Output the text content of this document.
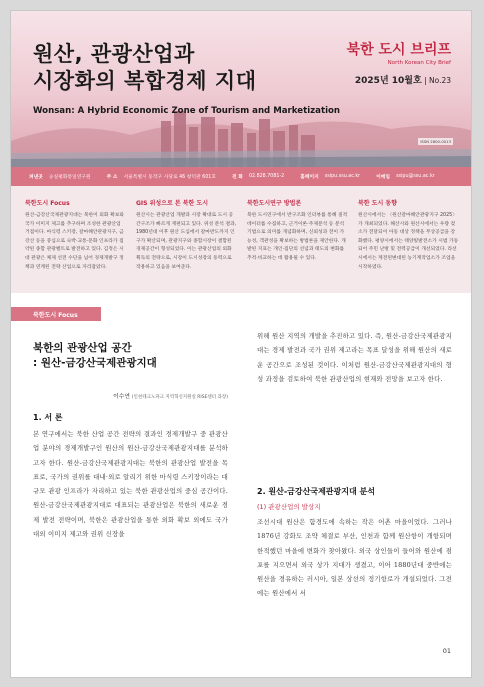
원산, 관광산업과
시장화의 복합경제 지대
Wonsan: A Hybrid Economic Zone of Tourism and Marketization
북한 도시 브리프
North Korean City Brief
2025년 10월호 | No.23
ISSN 2800-0013
펴낸곳 숭실평화통일연구원	주 소 서울특별시 동작구 사당로 46 창덕관 601호	전 화 02.828.7081-2	홈페이지 ssipu.ssu.ac.kr	이메일 ssipu@ssu.ac.kr
북한도시 Focus
원산-금강산국제관광지대는 북한이 외화 확보와 국가 이미지 제고를 추구하며 조성한 관광산업 거점이다. 마식령 스키장, 갈마해안관광지구, 금강산 등을 중심으로 숙박·교통·문화 인프라가 집약된 종합 관광벨트로 발전하고 있다. 김정은 시대 관광은 체제 선전 수단을 넘어 경제개발구 정책과 연계된 전략 산업으로 자리잡았다.
GIS 위성으로 본 북한 도시
원산시는 관광산업 개발과 시장 확대로 도시 공간구조가 빠르게 재편되고 있다. 위성 분석 결과, 1980년대 이후 원산 도심에서 갈마반도까지 인구가 확산되며, 관광지구와 종합시장이 결합된 경제공간이 형성되었다. 이는 관광산업의 외화 획득의 전략으로, 시장이 도시성장의 동력으로 작용하고 있음을 보여준다.
북한도시연구 방법론
북한 도시연구에서 반구조화 인터뷰를 통해 질적 데이터를 수집하고, 근거이론·주제분석 등 분석기법으로 의미를 개념화하며, 신뢰성과 전이 가능성, 객관성을 확보하는 방법론을 제안한다. 개발된 지표는 개인·집단의 선념과 태도의 변화를 추적·비교하는 데 활용될 수 있다.
북한 도시 동향
원산시에서는 〈원산갈마해안관광지구 2025〉가 개최되었다. 해산시와 원산시에서는 우량 젖소가 전달되어 아동 대상 정책을 무상공급을 강화했다. 평양시에서는 태양빛발전소가 시범 가동되어 주민 난방 및 전력공급이 개선되었다. 라선시에서는 계전된변대된 농기계작업소가 조업을 시작하였다.
북한도시 Focus
북한의 관광산업 공간
: 원산-금강산국제관광지대
이수연 (인천테크노파크 지역혁신지원실 RISE센터 과장)
1. 서 론
본 연구에서는 북한 산업 공간 전략의 결과인 경제개발구 중 관광산업 분야의 경제개발구인 원산의 원산-금강산국제관광지대를 분석하고자 한다. 원산-금강산국제관광지대는 북한의 관광산업 발전을 목표로, 국가의 권위를 대내·외로 알리기 위한 마식령 스키장이라는 대규모 관광 인프라가 자리하고 있는 북한 관광산업의 중심 공간이다. 원산-금강산국제관광지대로 대표되는 관광산업은 북한의 새로운 경제 발전 전략이며, 북한은 관광산업을 통한 외화 확보 외에도 국가 대외 이미지 제고와 권위 신장을
위해 원산 지역의 개발을 추진하고 있다. 즉, 원산-금강산국제관광지대는 경제 발전과 국가 권위 제고라는 목표 달성을 위해 원산의 새로운 공간으로 조성된 것이다. 이처럼 원산-금강산국제관광지대의 형성 과정을 검토하여 북한 관광산업의 현재와 전망을 보고자 한다.
2. 원산-금강산국제관광지대 분석
(1) 관광산업의 발상지
조선시대 원산은 함경도에 속하는 작은 어촌 마을이었다. 그러나 1876년 강화도 조약 체결로 부산, 인천과 함께 원산항이 개항되며 한적했던 마을에 변화가 찾아왔다. 외국 상인들이 들어와 원산에 점포를 지으면서 외국 상가 지대가 생겼고, 이어 1880년대 중반에는 원산을 경유하는 러시아, 일본 상선의 정기항로가 개설되었다. 그전에는 원산에서 서
01
